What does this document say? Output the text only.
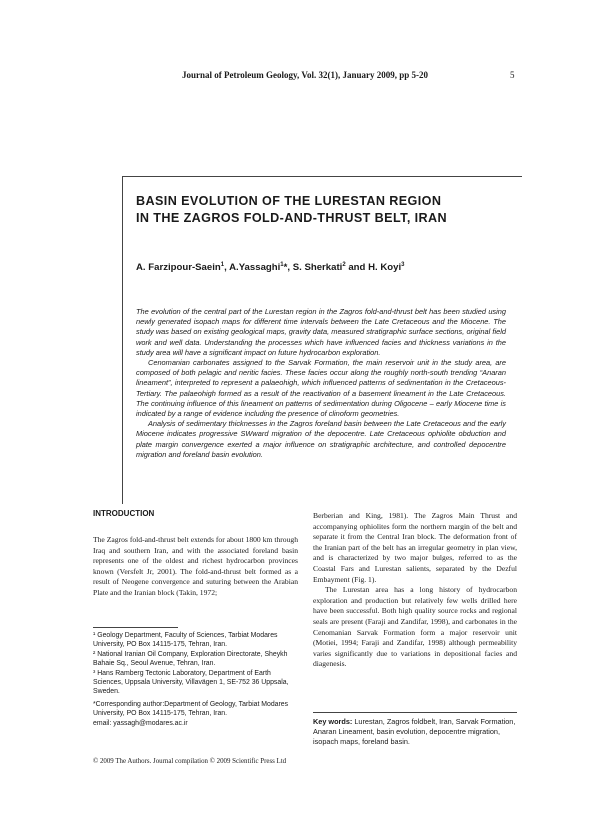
Journal of Petroleum Geology, Vol. 32(1), January 2009, pp 5-20	5
BASIN EVOLUTION OF THE LURESTAN REGION
IN THE ZAGROS FOLD-AND-THRUST BELT, IRAN
A. Farzipour-Saein$^1$, A.Yassaghi$^1$*, S. Sherkati$^2$ and H. Koyi$^3$

The evolution of the central part of the Lurestan region in the Zagros fold-and-thrust belt has been studied using newly generated isopach maps for different time intervals between the Late Cretaceous and the Miocene. The study was based on existing geological maps, gravity data, measured stratigraphic surface sections, original field work and well data. Understanding the processes which have influenced facies and thickness variations in the study area will have a significant impact on future hydrocarbon exploration.

Cenomanian carbonates assigned to the Sarvak Formation, the main reservoir unit in the study area, are composed of both pelagic and neritic facies. These facies occur along the roughly north-south trending “Anaran lineament”, interpreted to represent a palaeohigh, which influenced patterns of sedimentation in the Cretaceous-Tertiary. The palaeohigh formed as a result of the reactivation of a basement lineament in the Late Cretaceous. The continuing influence of this lineament on patterns of sedimentation during Oligocene – early Miocene time is indicated by a range of evidence including the presence of clinoform geometries.

Analysis of sedimentary thicknesses in the Zagros foreland basin between the Late Cretaceous and the early Miocene indicates progressive SWward migration of the depocentre. Late Cretaceous ophiolite obduction and plate margin convergence exerted a major influence on stratigraphic architecture, and controlled depocentre migration and foreland basin evolution.

INTRODUCTION

The Zagros fold-and-thrust belt extends for about 1800 km through Iraq and southern Iran, and with the associated foreland basin represents one of the oldest and richest hydrocarbon provinces known (Versfelt Jr, 2001). The fold-and-thrust belt formed as a result of Neogene convergence and suturing between the Arabian Plate and the Iranian block (Takin, 1972;

¹ Geology Department, Faculty of Sciences, Tarbiat Modares University, PO Box 14115-175, Tehran, Iran.

² National Iranian Oil Company, Exploration Directorate, Sheykh Bahaie Sq., Seoul Avenue, Tehran, Iran.

³ Hans Ramberg Tectonic Laboratory, Department of Earth Sciences, Uppsala University, Villavägen 1, SE-752 36 Uppsala, Sweden.

*Corresponding author:Department of Geology, Tarbiat Modares University, PO Box 14115-175, Tehran, Iran.

email: yassagh@modares.ac.ir

Berberian and King, 1981). The Zagros Main Thrust and accompanying ophiolites form the northern margin of the belt and separate it from the Central Iran block. The deformation front of the Iranian part of the belt has an irregular geometry in plan view, and is characterized by two major bulges, referred to as the Coastal Fars and Lurestan salients, separated by the Dezful Embayment (Fig. 1).

The Lurestan area has a long history of hydrocarbon exploration and production but relatively few wells drilled here have been successful. Both high quality source rocks and regional seals are present (Faraji and Zandifar, 1998), and carbonates in the Cenomanian Sarvak Formation form a major reservoir unit (Motiei, 1994; Faraji and Zandifar, 1998) although permeability varies significantly due to variations in depositional facies and diagenesis.

Key words: Lurestan, Zagros foldbelt, Iran, Sarvak Formation, Anaran Lineament, basin evolution, depocentre migration, isopach maps, foreland basin.
© 2009 The Authors. Journal compilation © 2009 Scientific Press Ltd
